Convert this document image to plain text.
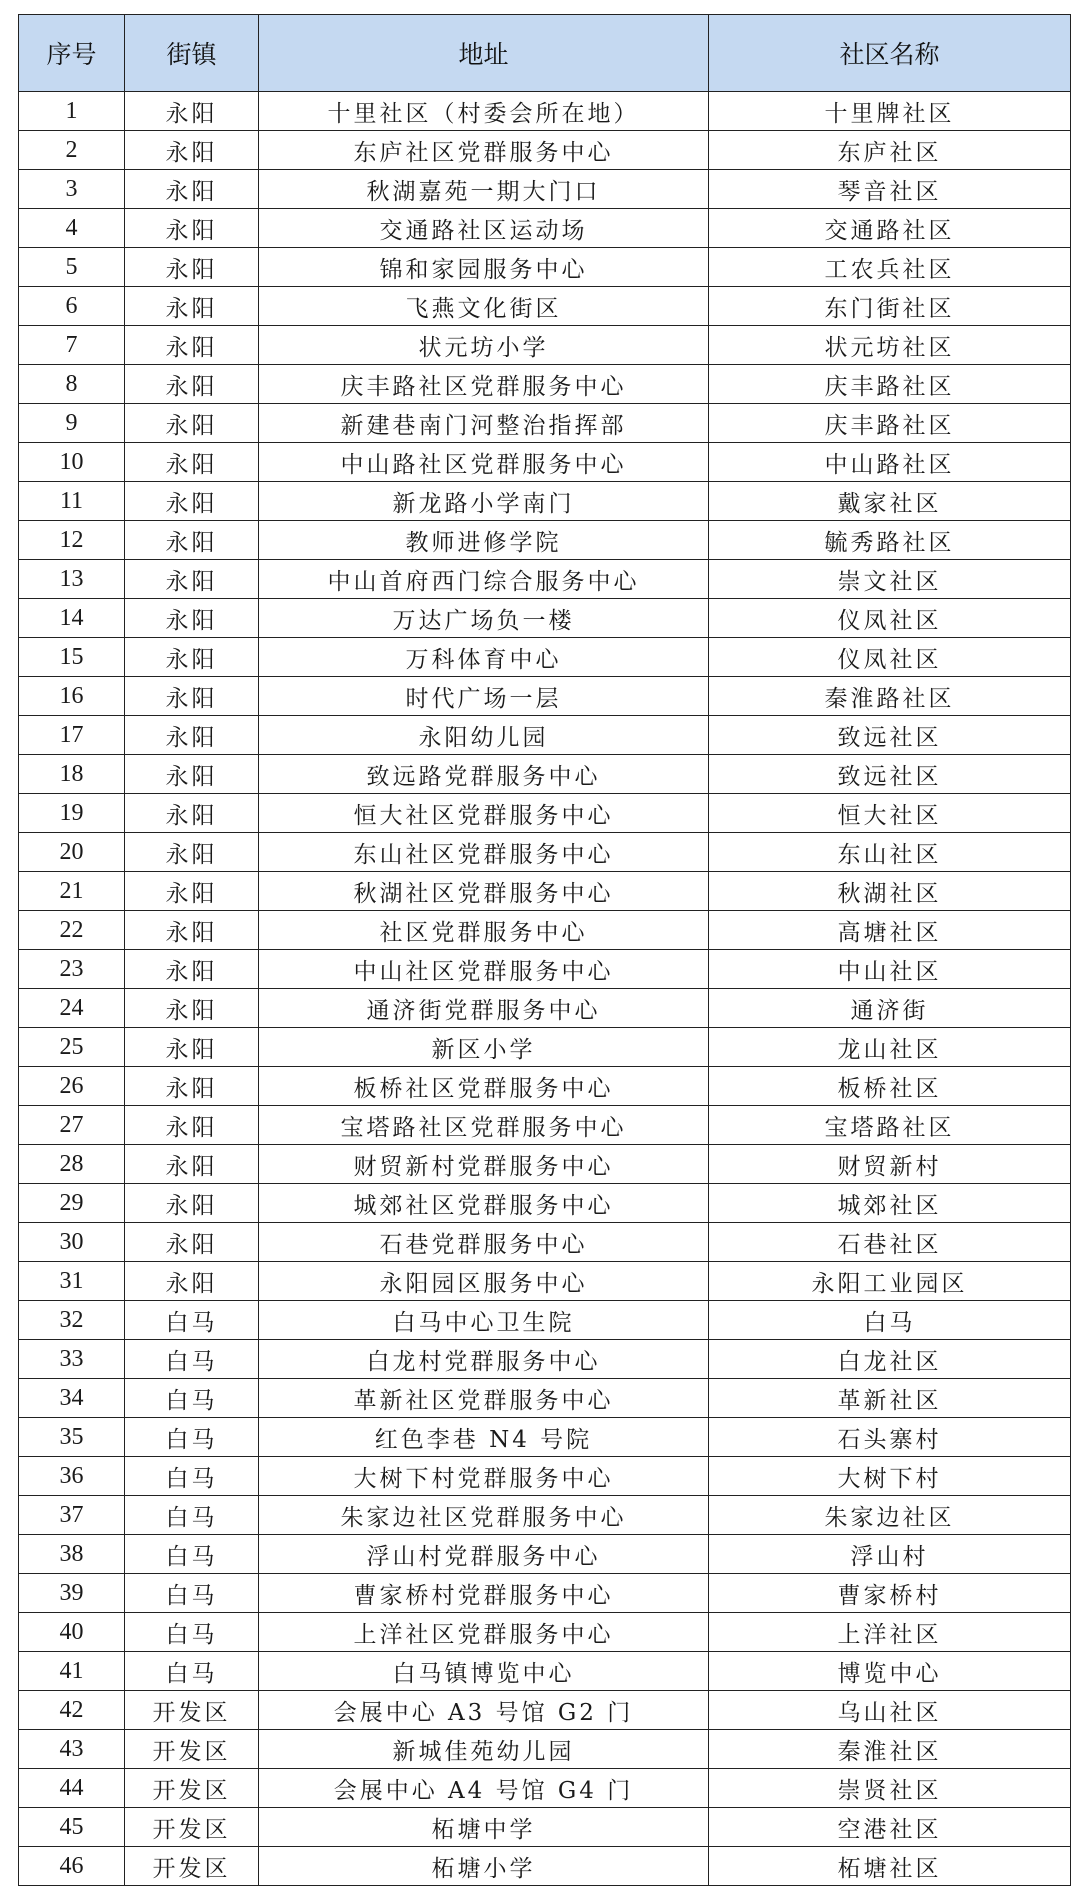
序号	街镇	地址	社区名称
1	永阳	十里社区（村委会所在地）	十里牌社区
2	永阳	东庐社区党群服务中心	东庐社区
3	永阳	秋湖嘉苑一期大门口	琴音社区
4	永阳	交通路社区运动场	交通路社区
5	永阳	锦和家园服务中心	工农兵社区
6	永阳	飞燕文化街区	东门街社区
7	永阳	状元坊小学	状元坊社区
8	永阳	庆丰路社区党群服务中心	庆丰路社区
9	永阳	新建巷南门河整治指挥部	庆丰路社区
10	永阳	中山路社区党群服务中心	中山路社区
11	永阳	新龙路小学南门	戴家社区
12	永阳	教师进修学院	毓秀路社区
13	永阳	中山首府西门综合服务中心	崇文社区
14	永阳	万达广场负一楼	仪凤社区
15	永阳	万科体育中心	仪凤社区
16	永阳	时代广场一层	秦淮路社区
17	永阳	永阳幼儿园	致远社区
18	永阳	致远路党群服务中心	致远社区
19	永阳	恒大社区党群服务中心	恒大社区
20	永阳	东山社区党群服务中心	东山社区
21	永阳	秋湖社区党群服务中心	秋湖社区
22	永阳	社区党群服务中心	高塘社区
23	永阳	中山社区党群服务中心	中山社区
24	永阳	通济街党群服务中心	通济街
25	永阳	新区小学	龙山社区
26	永阳	板桥社区党群服务中心	板桥社区
27	永阳	宝塔路社区党群服务中心	宝塔路社区
28	永阳	财贸新村党群服务中心	财贸新村
29	永阳	城郊社区党群服务中心	城郊社区
30	永阳	石巷党群服务中心	石巷社区
31	永阳	永阳园区服务中心	永阳工业园区
32	白马	白马中心卫生院	白马
33	白马	白龙村党群服务中心	白龙社区
34	白马	革新社区党群服务中心	革新社区
35	白马	红色李巷 N4 号院	石头寨村
36	白马	大树下村党群服务中心	大树下村
37	白马	朱家边社区党群服务中心	朱家边社区
38	白马	浮山村党群服务中心	浮山村
39	白马	曹家桥村党群服务中心	曹家桥村
40	白马	上洋社区党群服务中心	上洋社区
41	白马	白马镇博览中心	博览中心
42	开发区	会展中心 A3 号馆 G2 门	乌山社区
43	开发区	新城佳苑幼儿园	秦淮社区
44	开发区	会展中心 A4 号馆 G4 门	崇贤社区
45	开发区	柘塘中学	空港社区
46	开发区	柘塘小学	柘塘社区
